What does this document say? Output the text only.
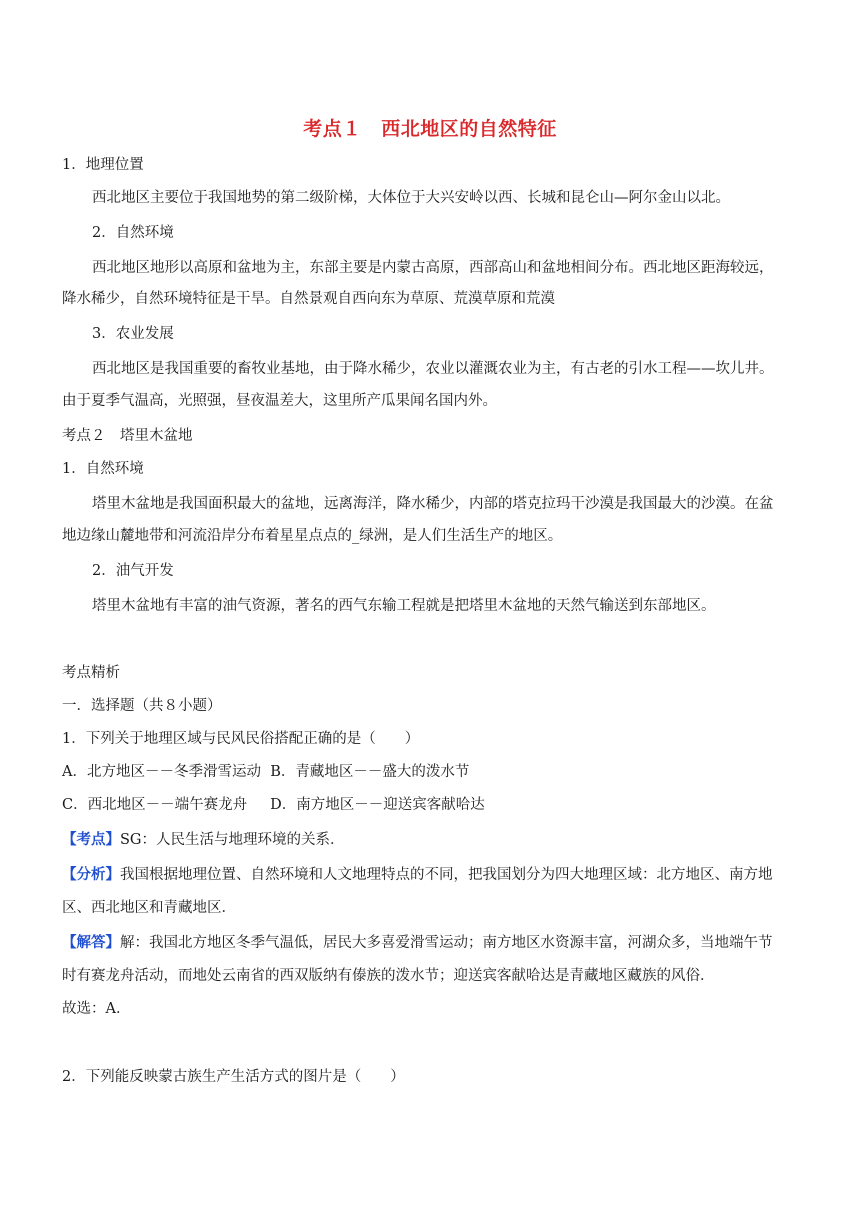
考点１　西北地区的自然特征
1．地理位置
西北地区主要位于我国地势的第二级阶梯，大体位于大兴安岭以西、长城和昆仑山—阿尔金山以北。
2．自然环境
西北地区地形以高原和盆地为主，东部主要是内蒙古高原，西部高山和盆地相间分布。西北地区距海较远，
降水稀少，自然环境特征是干旱。自然景观自西向东为草原、荒漠草原和荒漠
3．农业发展
西北地区是我国重要的畜牧业基地，由于降水稀少，农业以灌溉农业为主，有古老的引水工程——坎儿井。
由于夏季气温高，光照强，昼夜温差大，这里所产瓜果闻名国内外。
考点２　塔里木盆地
1．自然环境
塔里木盆地是我国面积最大的盆地，远离海洋，降水稀少，内部的塔克拉玛干沙漠是我国最大的沙漠。在盆
地边缘山麓地带和河流沿岸分布着星星点点的_绿洲，是人们生活生产的地区。
2．油气开发
塔里木盆地有丰富的油气资源，著名的西气东输工程就是把塔里木盆地的天然气输送到东部地区。
考点精析
一．选择题（共８小题）
1．下列关于地理区域与民风民俗搭配正确的是（　　）
A．北方地区－－冬季滑雪运动  B．青藏地区－－盛大的泼水节
C．西北地区－－端午赛龙舟     D．南方地区－－迎送宾客献哈达
【考点】SG：人民生活与地理环境的关系．
【分析】我国根据地理位置、自然环境和人文地理特点的不同，把我国划分为四大地理区域：北方地区、南方地
区、西北地区和青藏地区．
【解答】解：我国北方地区冬季气温低，居民大多喜爱滑雪运动；南方地区水资源丰富，河湖众多，当地端午节
时有赛龙舟活动，而地处云南省的西双版纳有傣族的泼水节；迎送宾客献哈达是青藏地区藏族的风俗．
故选：A．
2．下列能反映蒙古族生产生活方式的图片是（　　）
